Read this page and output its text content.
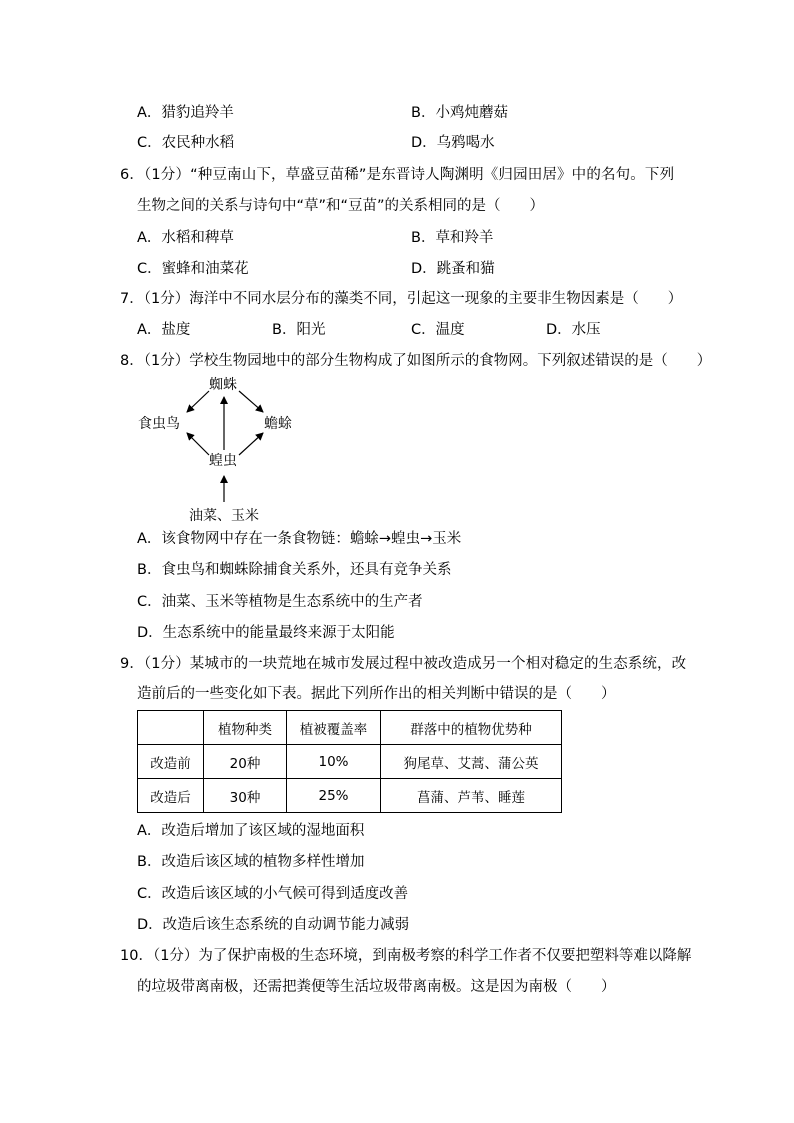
A．猎豹追羚羊	B．小鸡炖蘑菇
C．农民种水稻	D．乌鸦喝水
6．（1分）“种豆南山下，草盛豆苗稀”是东晋诗人陶渊明《归园田居》中的名句。下列
生物之间的关系与诗句中“草”和“豆苗”的关系相同的是（　　）
A．水稻和稗草	B．草和羚羊
C．蜜蜂和油菜花	D．跳蚤和猫
7．（1分）海洋中不同水层分布的藻类不同，引起这一现象的主要非生物因素是（　　）
A．盐度	B．阳光	C．温度	D．水压
8．（1分）学校生物园地中的部分生物构成了如图所示的食物网。下列叙述错误的是（　　）
蜘蛛
食虫鸟	蟾蜍
蝗虫
油菜、玉米
A．该食物网中存在一条食物链：蟾蜍→蝗虫→玉米
B．食虫鸟和蜘蛛除捕食关系外，还具有竞争关系
C．油菜、玉米等植物是生态系统中的生产者
D．生态系统中的能量最终来源于太阳能
9．（1分）某城市的一块荒地在城市发展过程中被改造成另一个相对稳定的生态系统，改
造前后的一些变化如下表。据此下列所作出的相关判断中错误的是（　　）
	植物种类	植被覆盖率	群落中的植物优势种
改造前	20种	10%	狗尾草、艾蒿、蒲公英
改造后	30种	25%	菖蒲、芦苇、睡莲
A．改造后增加了该区域的湿地面积
B．改造后该区域的植物多样性增加
C．改造后该区域的小气候可得到适度改善
D．改造后该生态系统的自动调节能力减弱
10．（1分）为了保护南极的生态环境，到南极考察的科学工作者不仅要把塑料等难以降解
的垃圾带离南极，还需把粪便等生活垃圾带离南极。这是因为南极（　　）
